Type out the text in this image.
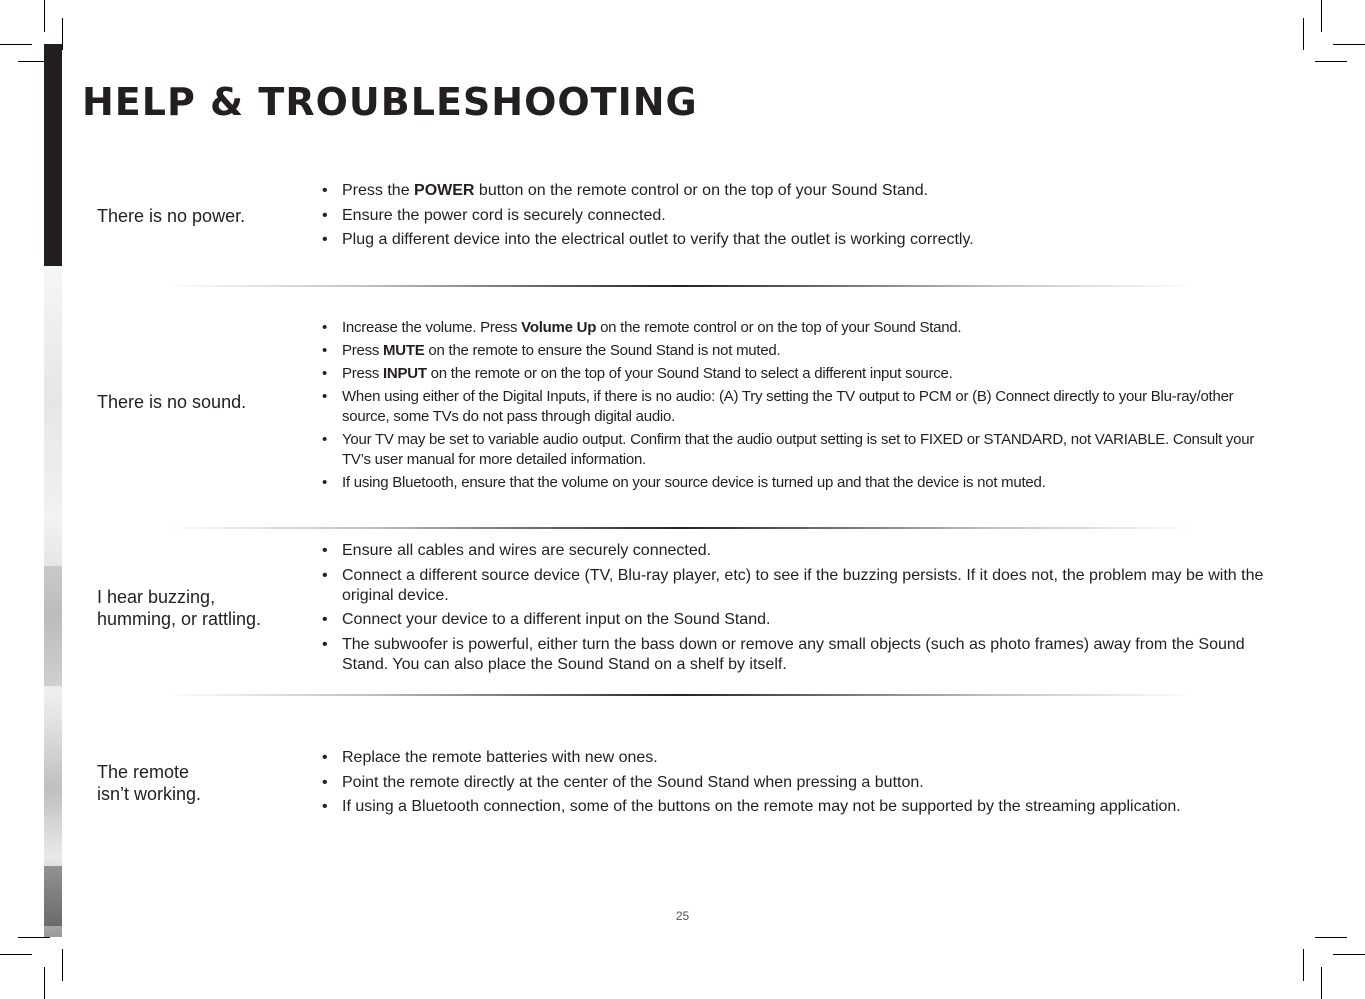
HELP & TROUBLESHOOTING
There is no power.
• Press the POWER button on the remote control or on the top of your Sound Stand.
• Ensure the power cord is securely connected.
• Plug a different device into the electrical outlet to verify that the outlet is working correctly.
There is no sound.
• Increase the volume. Press Volume Up on the remote control or on the top of your Sound Stand.
• Press MUTE on the remote to ensure the Sound Stand is not muted.
• Press INPUT on the remote or on the top of your Sound Stand to select a different input source.
• When using either of the Digital Inputs, if there is no audio: (A) Try setting the TV output to PCM or (B) Connect directly to your Blu-ray/other source, some TVs do not pass through digital audio.
• Your TV may be set to variable audio output. Confirm that the audio output setting is set to FIXED or STANDARD, not VARIABLE. Consult your TV’s user manual for more detailed information.
• If using Bluetooth, ensure that the volume on your source device is turned up and that the device is not muted.
I hear buzzing,
humming, or rattling.
• Ensure all cables and wires are securely connected.
• Connect a different source device (TV, Blu-ray player, etc) to see if the buzzing persists. If it does not, the problem may be with the original device.
• Connect your device to a different input on the Sound Stand.
• The subwoofer is powerful, either turn the bass down or remove any small objects (such as photo frames) away from the Sound Stand. You can also place the Sound Stand on a shelf by itself.
The remote
isn’t working.
• Replace the remote batteries with new ones.
• Point the remote directly at the center of the Sound Stand when pressing a button.
• If using a Bluetooth connection, some of the buttons on the remote may not be supported by the streaming application.
25
